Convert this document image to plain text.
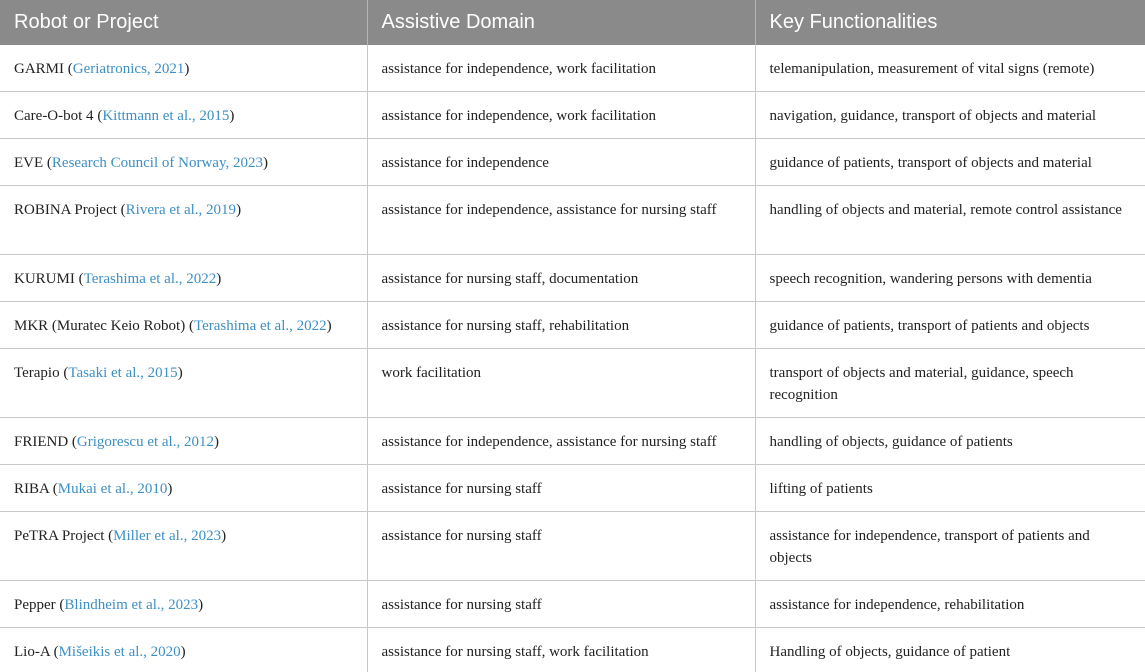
Robot or Project	Assistive Domain	Key Functionalities
GARMI (Geriatronics, 2021)	assistance for independence, work facilitation	telemanipulation, measurement of vital signs (remote)
Care-O-bot 4 (Kittmann et al., 2015)	assistance for independence, work facilitation	navigation, guidance, transport of objects and material
EVE (Research Council of Norway, 2023)	assistance for independence	guidance of patients, transport of objects and material
ROBINA Project (Rivera et al., 2019)	assistance for independence, assistance for nursing staff	handling of objects and material, remote control assistance
KURUMI (Terashima et al., 2022)	assistance for nursing staff, documentation	speech recognition, wandering persons with dementia
MKR (Muratec Keio Robot) (Terashima et al., 2022)	assistance for nursing staff, rehabilitation	guidance of patients, transport of patients and objects
Terapio (Tasaki et al., 2015)	work facilitation	transport of objects and material, guidance, speech recognition
FRIEND (Grigorescu et al., 2012)	assistance for independence, assistance for nursing staff	handling of objects, guidance of patients
RIBA (Mukai et al., 2010)	assistance for nursing staff	lifting of patients
PeTRA Project (Miller et al., 2023)	assistance for nursing staff	assistance for independence, transport of patients and objects
Pepper (Blindheim et al., 2023)	assistance for nursing staff	assistance for independence, rehabilitation
Lio-A (Mišeikis et al., 2020)	assistance for nursing staff, work facilitation	Handling of objects, guidance of patient
